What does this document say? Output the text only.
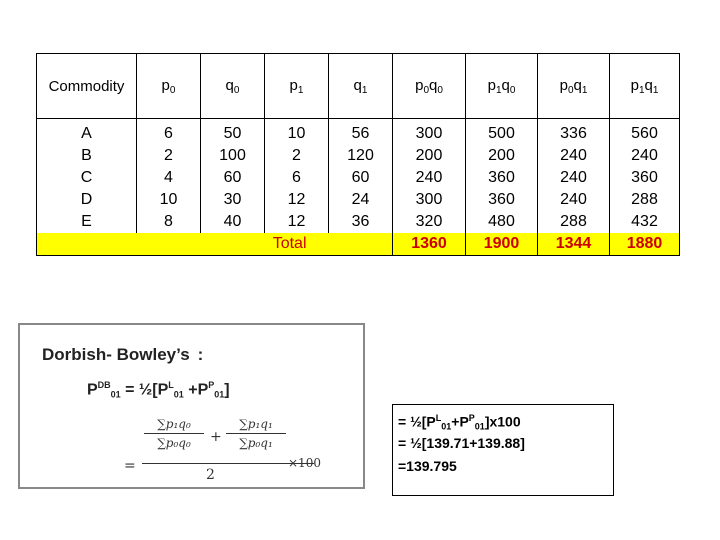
Commodity	$p_0$	$q_0$	$p_1$	$q_1$	$p_0q_0$	$p_1q_0$	$p_0q_1$	$p_1q_1$
A	6	50	10	56	300	500	336	560
B	2	100	2	120	200	200	240	240
C	4	60	6	60	240	360	240	360
D	10	30	12	24	300	360	240	288
E	8	40	12	36	320	480	288	432
Total					1360	1900	1344	1880
Dorbish- Bowley’s :
$P^{DB}_{01}$ = $\frac{1}{2}[P^L_{01} +P^P_{01}]$
=
∑p₁q₀
∑p₀q₀ +
∑p₁q₁
∑p₀q₁
2
×100
= $\frac{1}{2}[P^L_{01}+P^P_{01}]x100$
= ½[139.71+139.88]
=139.795
